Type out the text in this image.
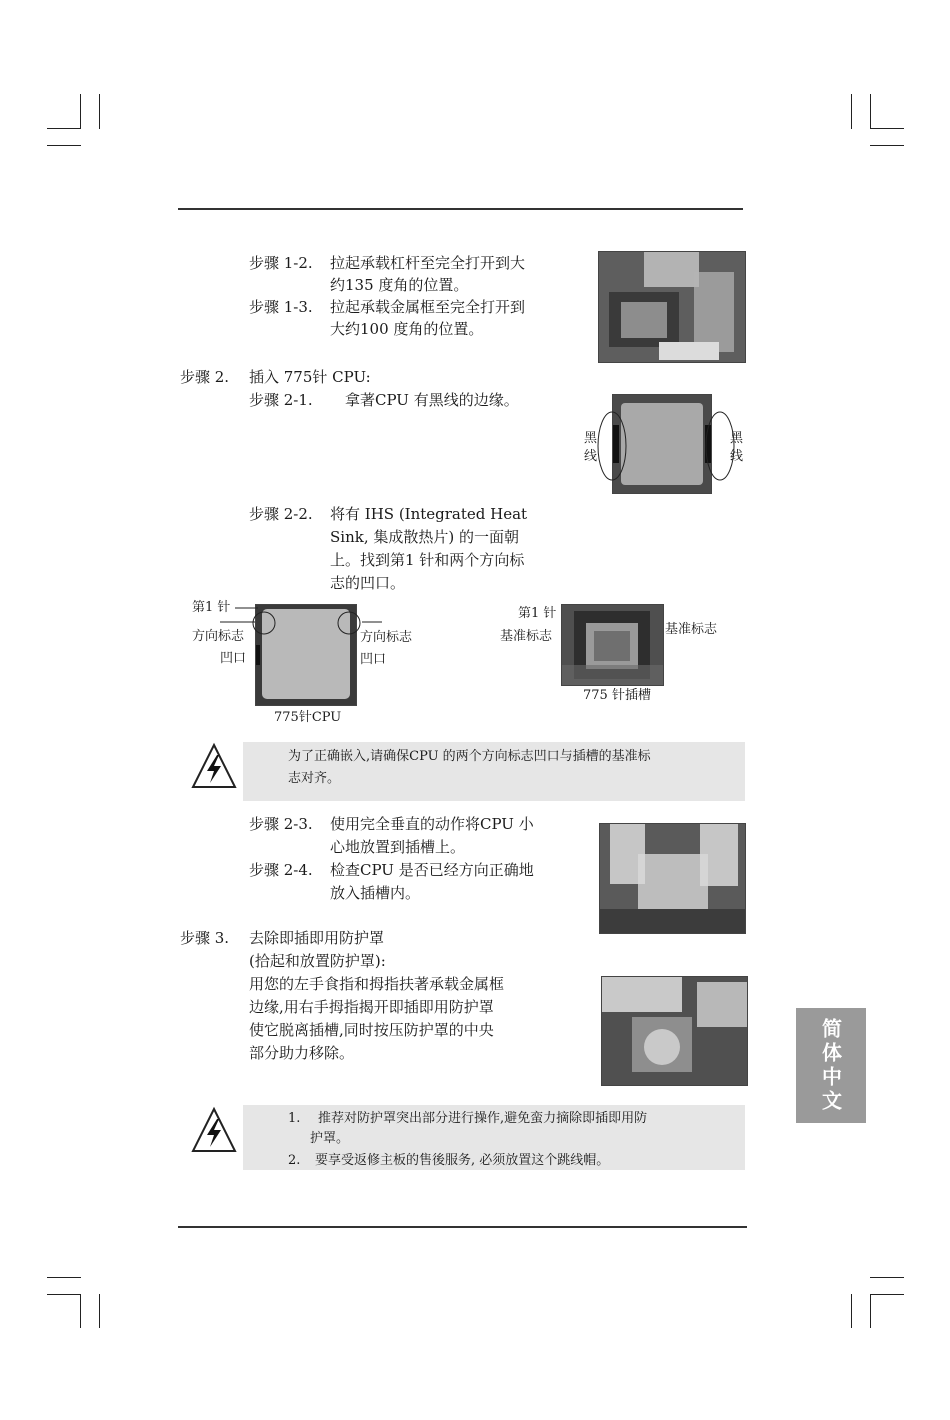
步骤 1-2. 拉起承载杠杆至完全打开到大
约135 度角的位置。
步骤 1-3. 拉起承载金属框至完全打开到
大约100 度角的位置。
步骤 2. 插入 775针 CPU:
步骤 2-1. 拿著CPU 有黑线的边缘。
黑线
黑线
步骤 2-2. 将有 IHS (Integrated Heat
Sink, 集成散热片) 的一面朝
上。找到第1 针和两个方向标
志的凹口。
第1 针
方向标志
凹口
方向标志
凹口
775针CPU
第1 针
基准标志	基准标志
775 针插槽
为了正确嵌入,请确保CPU 的两个方向标志凹口与插槽的基准标
志对齐。
步骤 2-3. 使用完全垂直的动作将CPU 小
心地放置到插槽上。
步骤 2-4. 检查CPU 是否已经方向正确地
放入插槽内。
步骤 3. 去除即插即用防护罩
(拾起和放置防护罩):
用您的左手食指和拇指扶著承载金属框
边缘,用右手拇指揭开即插即用防护罩
使它脱离插槽,同时按压防护罩的中央
部分助力移除。
1. 推荐对防护罩突出部分进行操作,避免蛮力摘除即插即用防
护罩。
2. 要享受返修主板的售後服务, 必须放置这个跳线帽。
简体中文
